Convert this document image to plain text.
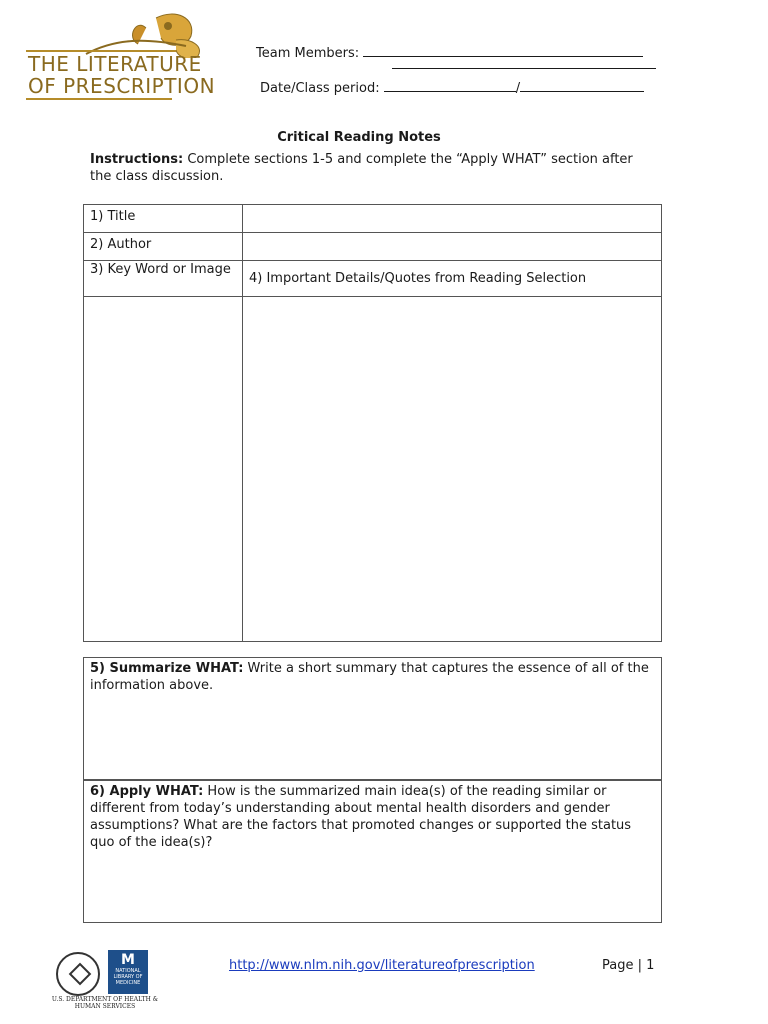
THE LITERATURE
OF PRESCRIPTION
Team Members:
Date/Class period:	/
Critical Reading Notes
Instructions: Complete sections 1-5 and complete the “Apply WHAT” section after the class discussion.
1) Title	
2) Author	
3) Key Word or Image	4) Important Details/Quotes from Reading Selection

5) Summarize WHAT: Write a short summary that captures the essence of all of the information above.
6) Apply WHAT: How is the summarized main idea(s) of the reading similar or different from today’s understanding about mental health disorders and gender assumptions? What are the factors that promoted changes or supported the status quo of the idea(s)?
M
NATIONAL LIBRARY OF MEDICINE
U.S. DEPARTMENT OF HEALTH & HUMAN SERVICES
http://www.nlm.nih.gov/literatureofprescription	Page | 1
